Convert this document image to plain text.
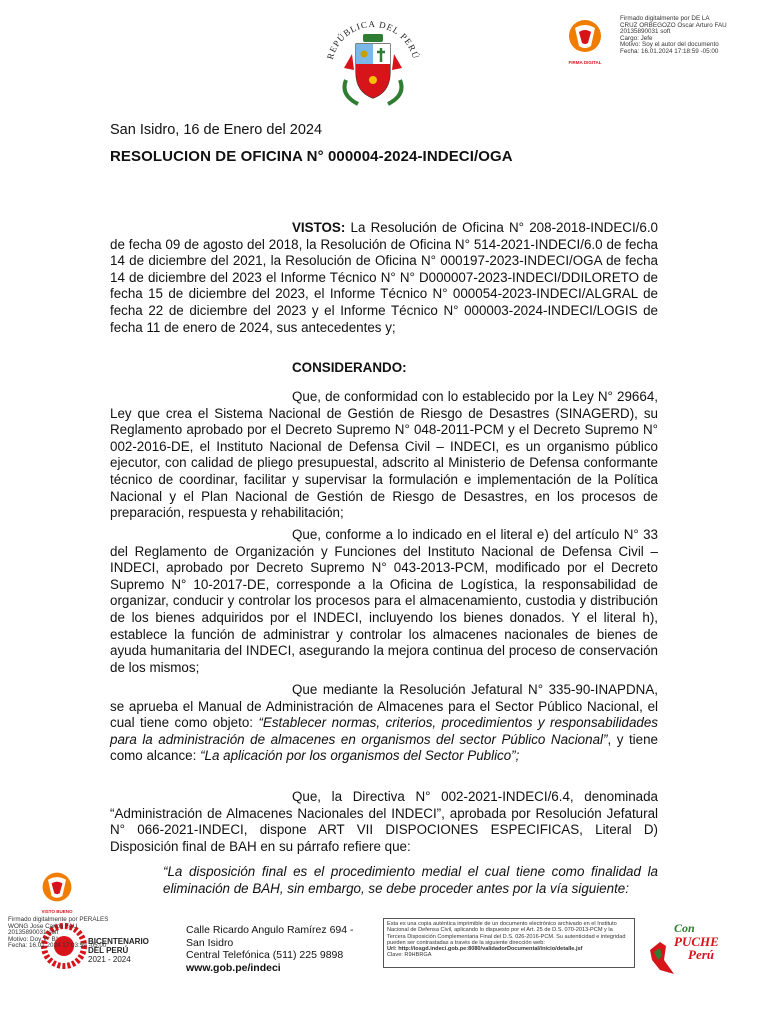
REPÚBLICA DEL PERÚ
FIRMA DIGITAL
Firmado digitalmente por DE LA
CRUZ ORBEGOZO Oscar Arturo FAU
20135890031 soft
Cargo: Jefe
Motivo: Soy el autor del documento
Fecha: 16.01.2024 17:18:59 -05:00
San Isidro, 16 de Enero del 2024
RESOLUCION DE OFICINA N° 000004-2024-INDECI/OGA

VISTOS: La Resolución de Oficina N° 208-2018-INDECI/6.0 de fecha 09 de agosto del 2018, la Resolución de Oficina N° 514-2021-INDECI/6.0 de fecha 14 de diciembre del 2021, la Resolución de Oficina N° 000197-2023-INDECI/OGA de fecha 14 de diciembre del 2023 el Informe Técnico N° N° D000007-2023-INDECI/DDILORETO de fecha 15 de diciembre del 2023, el Informe Técnico N° 000054-2023-INDECI/ALGRAL de fecha 22 de diciembre del 2023 y el Informe Técnico N° 000003-2024-INDECI/LOGIS de fecha 11 de enero de 2024, sus antecedentes y;

CONSIDERANDO:

Que, de conformidad con lo establecido por la Ley N° 29664, Ley que crea el Sistema Nacional de Gestión de Riesgo de Desastres (SINAGERD), su Reglamento aprobado por el Decreto Supremo N° 048-2011-PCM y el Decreto Supremo N° 002-2016-DE, el Instituto Nacional de Defensa Civil – INDECI, es un organismo público ejecutor, con calidad de pliego presupuestal, adscrito al Ministerio de Defensa conformante técnico de coordinar, facilitar y supervisar la formulación e implementación de la Política Nacional y el Plan Nacional de Gestión de Riesgo de Desastres, en los procesos de preparación, respuesta y rehabilitación;

Que, conforme a lo indicado en el literal e) del artículo N° 33 del Reglamento de Organización y Funciones del Instituto Nacional de Defensa Civil – INDECI, aprobado por Decreto Supremo N° 043-2013-PCM, modificado por el Decreto Supremo N° 10-2017-DE, corresponde a la Oficina de Logística, la responsabilidad de organizar, conducir y controlar los procesos para el almacenamiento, custodia y distribución de los bienes adquiridos por el INDECI, incluyendo los bienes donados. Y el literal h), establece la función de administrar y controlar los almacenes nacionales de bienes de ayuda humanitaria del INDECI, asegurando la mejora continua del proceso de conservación de los mismos;

Que mediante la Resolución Jefatural N° 335-90-INAPDNA, se aprueba el Manual de Administración de Almacenes para el Sector Público Nacional, el cual tiene como objeto: “Establecer normas, criterios, procedimientos y responsabilidades para la administración de almacenes en organismos del sector Público Nacional”, y tiene como alcance: “La aplicación por los organismos del Sector Publico”;

Que, la Directiva N° 002-2021-INDECI/6.4, denominada “Administración de Almacenes Nacionales del INDECI”, aprobada por Resolución Jefatural N° 066-2021-INDECI, dispone ART VII DISPOCIONES ESPECIFICAS, Literal D) Disposición final de BAH en su párrafo refiere que:

“La disposición final es el procedimiento medial el cual tiene como finalidad la eliminación de BAH, sin embargo, se debe proceder antes por la vía siguiente:
VISTO BUENO
Firmado digitalmente por PERALES
WONG Jose Carlos FAU
20135890031 soft
Motivo: Doy V° B°
Fecha: 16.01.2024 17:03:59 -05:00
BICENTENARIO
DEL PERÚ
2021 - 2024
Calle Ricardo Angulo Ramírez 694 -
San Isidro
Central Telefónica (511) 225 9898
www.gob.pe/indeci
Esta es una copia auténtica imprimible de un documento electrónico archivado en el Instituto Nacional de Defensa Civil, aplicando lo dispuesto por el Art. 25 de D.S. 070-2013-PCM y la Tercera Disposición Complementaria Final del D.S. 026-2016-PCM. Su autenticidad e integridad pueden ser contrastadas a través de la siguiente dirección web:
Url: http://iosgd.indeci.gob.pe:8080/validadorDocumental/inicio/detalle.jsf
Clave: R9HBRGA
Con
PUCHE
Perú
